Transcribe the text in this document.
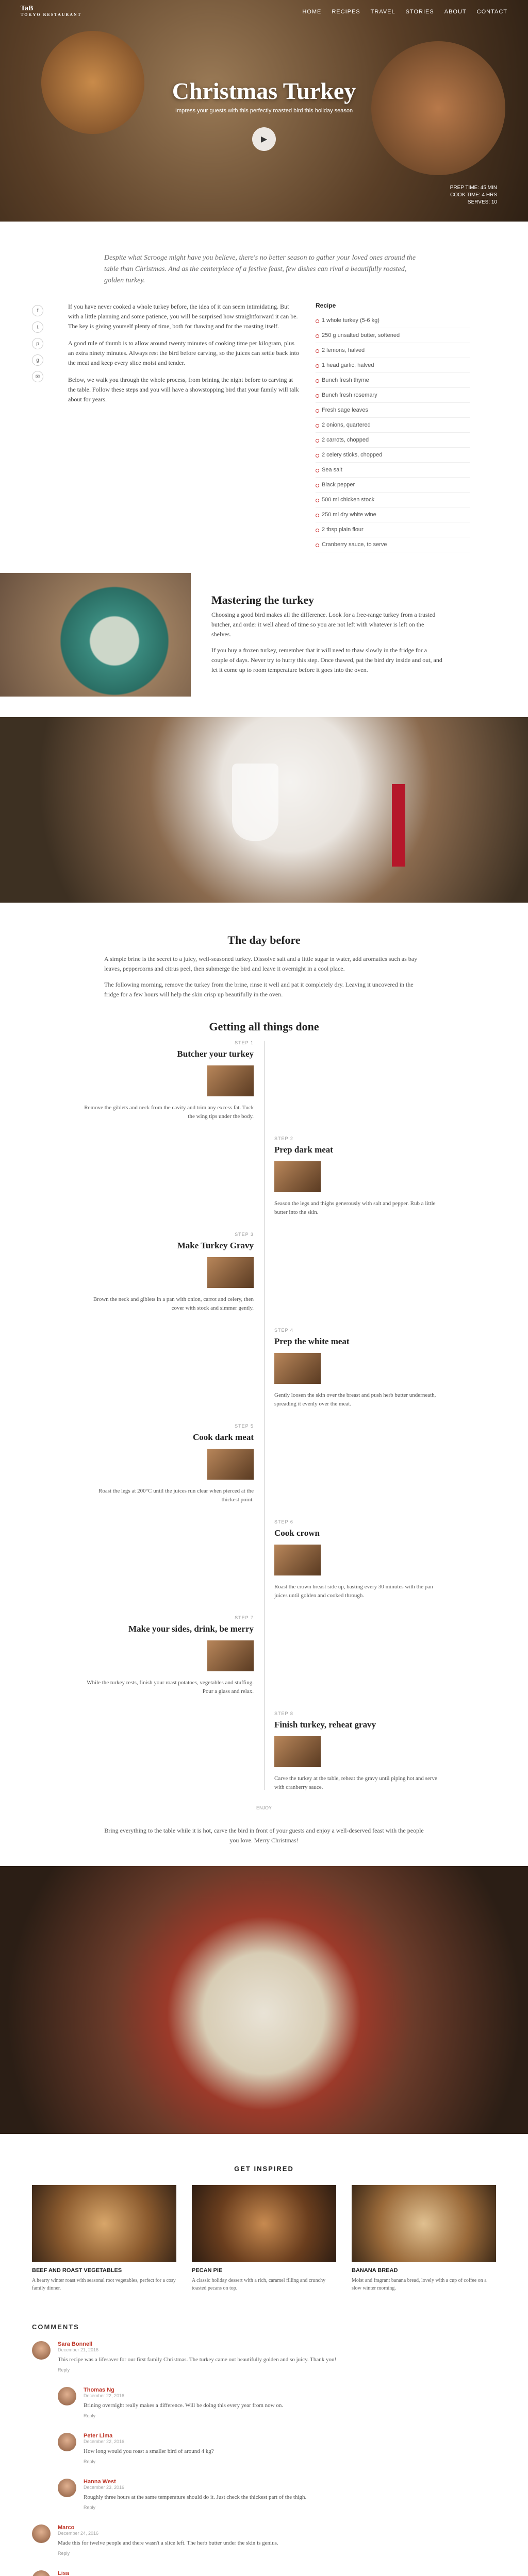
TaB
TOKYO RESTAURANT	HOME RECIPES TRAVEL STORIES ABOUT CONTACT
Christmas Turkey

Impress your guests with this perfectly roasted bird this holiday season

▶
PREP TIME: 45 MIN
COOK TIME: 4 HRS
SERVES: 10

Despite what Scrooge might have you believe, there's no better season to gather your loved ones around the table than Christmas. And as the centerpiece of a festive feast, few dishes can rival a beautifully roasted, golden turkey.

f
t
p
g
✉

If you have never cooked a whole turkey before, the idea of it can seem intimidating. But with a little planning and some patience, you will be surprised how straightforward it can be. The key is giving yourself plenty of time, both for thawing and for the roasting itself.

A good rule of thumb is to allow around twenty minutes of cooking time per kilogram, plus an extra ninety minutes. Always rest the bird before carving, so the juices can settle back into the meat and keep every slice moist and tender.

Below, we walk you through the whole process, from brining the night before to carving at the table. Follow these steps and you will have a showstopping bird that your family will talk about for years.

Recipe
1 whole turkey (5-6 kg)
250 g unsalted butter, softened
2 lemons, halved
1 head garlic, halved
Bunch fresh thyme
Bunch fresh rosemary
Fresh sage leaves
2 onions, quartered
2 carrots, chopped
2 celery sticks, chopped
Sea salt
Black pepper
500 ml chicken stock
250 ml dry white wine
2 tbsp plain flour
Cranberry sauce, to serve
Mastering the turkey

Choosing a good bird makes all the difference. Look for a free-range turkey from a trusted butcher, and order it well ahead of time so you are not left with whatever is left on the shelves.

If you buy a frozen turkey, remember that it will need to thaw slowly in the fridge for a couple of days. Never try to hurry this step. Once thawed, pat the bird dry inside and out, and let it come up to room temperature before it goes into the oven.

The day before

A simple brine is the secret to a juicy, well-seasoned turkey. Dissolve salt and a little sugar in water, add aromatics such as bay leaves, peppercorns and citrus peel, then submerge the bird and leave it overnight in a cool place.

The following morning, remove the turkey from the brine, rinse it well and pat it completely dry. Leaving it uncovered in the fridge for a few hours will help the skin crisp up beautifully in the oven.

Getting all things done
STEP 1
Butcher your turkey

Remove the giblets and neck from the cavity and trim any excess fat. Tuck the wing tips under the body.

STEP 2
Prep dark meat

Season the legs and thighs generously with salt and pepper. Rub a little butter into the skin.

STEP 3
Make Turkey Gravy

Brown the neck and giblets in a pan with onion, carrot and celery, then cover with stock and simmer gently.

STEP 4
Prep the white meat

Gently loosen the skin over the breast and push herb butter underneath, spreading it evenly over the meat.

STEP 5
Cook dark meat

Roast the legs at 200°C until the juices run clear when pierced at the thickest point.

STEP 6
Cook crown

Roast the crown breast side up, basting every 30 minutes with the pan juices until golden and cooked through.

STEP 7
Make your sides, drink, be merry

While the turkey rests, finish your roast potatoes, vegetables and stuffing. Pour a glass and relax.

STEP 8
Finish turkey, reheat gravy

Carve the turkey at the table, reheat the gravy until piping hot and serve with cranberry sauce.

ENJOY

Bring everything to the table while it is hot, carve the bird in front of your guests and enjoy a well-deserved feast with the people you love. Merry Christmas!

GET INSPIRED
BEEF AND ROAST VEGETABLES

A hearty winter roast with seasonal root vegetables, perfect for a cosy family dinner.

PECAN PIE

A classic holiday dessert with a rich, caramel filling and crunchy toasted pecans on top.

BANANA BREAD

Moist and fragrant banana bread, lovely with a cup of coffee on a slow winter morning.

COMMENTS
Sara Bonnell
December 21, 2016

This recipe was a lifesaver for our first family Christmas. The turkey came out beautifully golden and so juicy. Thank you!

Reply
Thomas Ng
December 22, 2016

Brining overnight really makes a difference. Will be doing this every year from now on.

Reply
Peter Lima
December 22, 2016

How long would you roast a smaller bird of around 4 kg?

Reply
Hanna West
December 23, 2016

Roughly three hours at the same temperature should do it. Just check the thickest part of the thigh.

Reply
Marco
December 24, 2016

Made this for twelve people and there wasn't a slice left. The herb butter under the skin is genius.

Reply
Lisa
